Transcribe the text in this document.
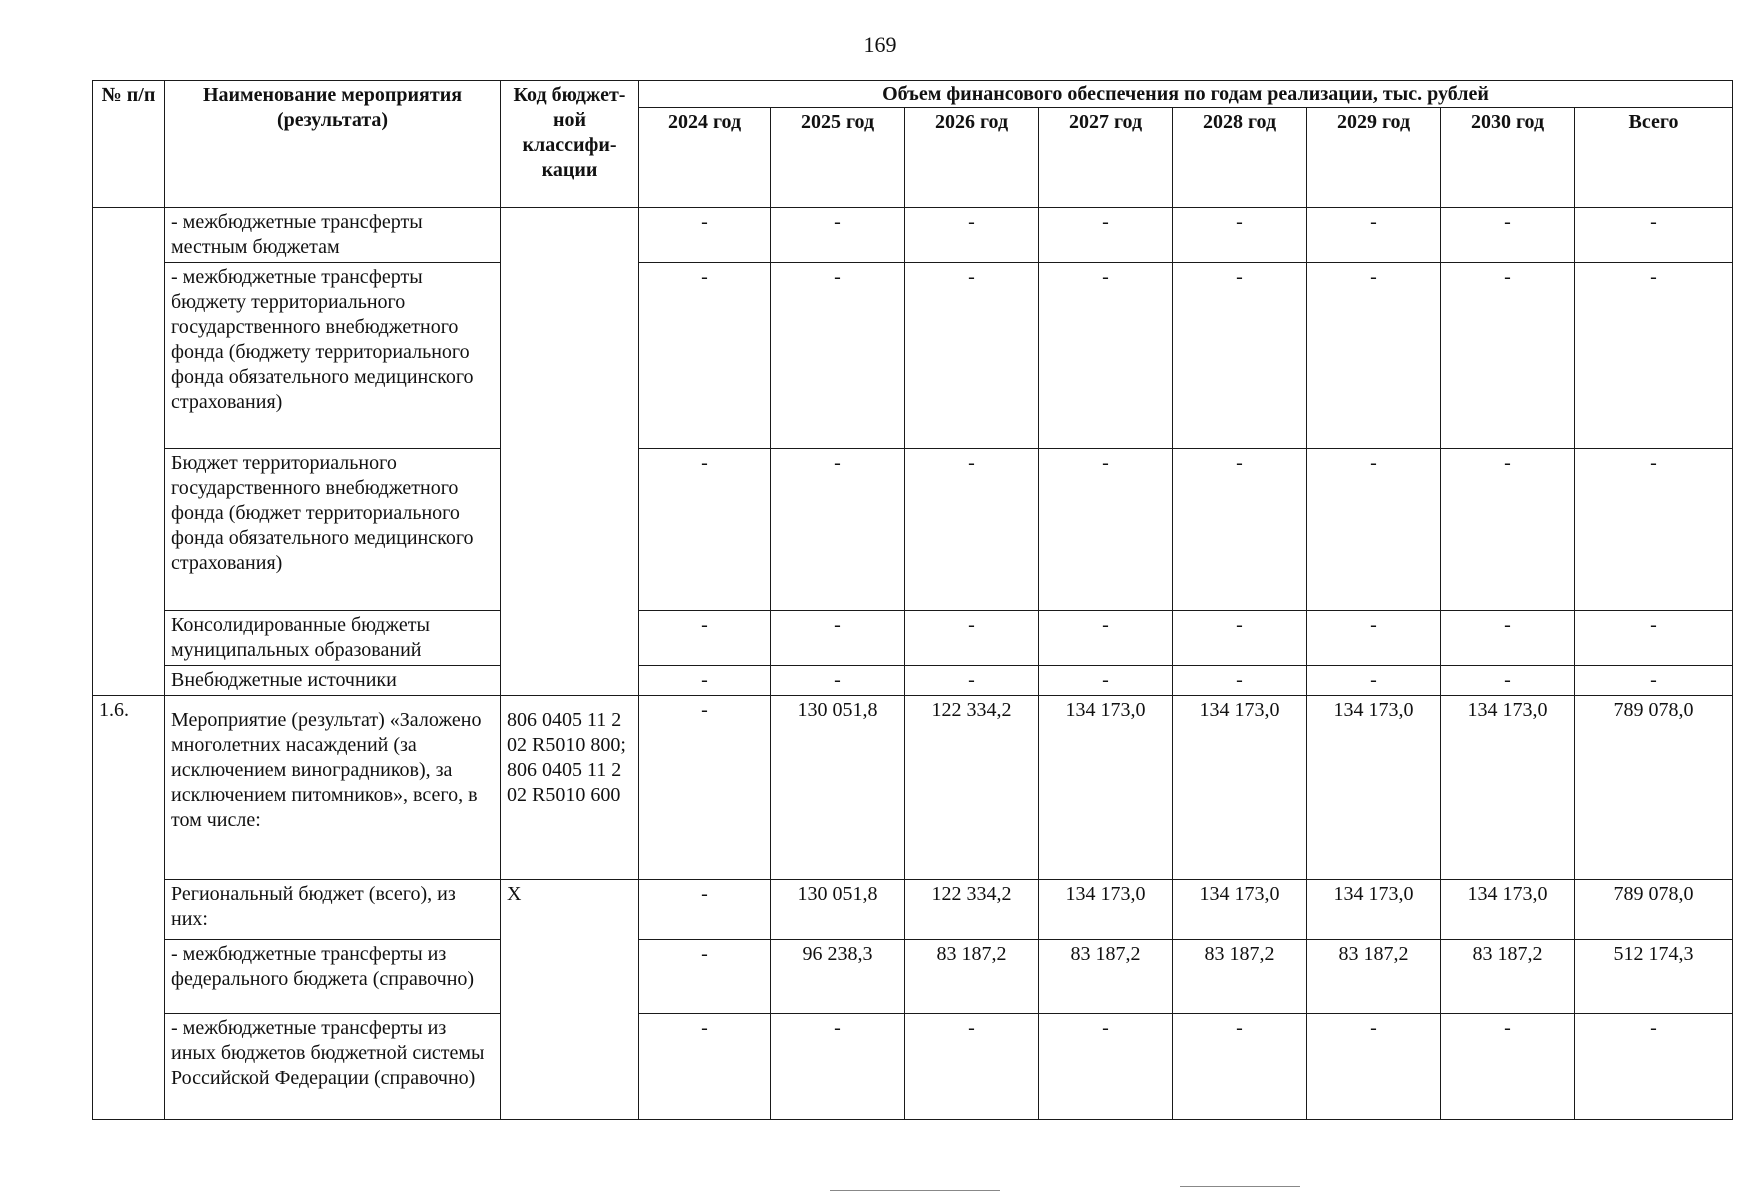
169
№ п/п	Наименование мероприятия (результата)	Код бюджет-ной классифи-кации	Объем финансового обеспечения по годам реализации, тыс. рублей							
			2024 год	2025 год	2026 год	2027 год	2028 год	2029 год	2030 год	Всего
	- межбюджетные трансферты местным бюджетам		-	-	-	-	-	-	-	-
	- межбюджетные трансферты бюджету территориального государственного внебюджетного фонда (бюджету территориального фонда обязательного медицинского страхования)		-	-	-	-	-	-	-	-
	Бюджет территориального государственного внебюджетного фонда (бюджет территориального фонда обязательного медицинского страхования)		-	-	-	-	-	-	-	-
	Консолидированные бюджеты муниципальных образований		-	-	-	-	-	-	-	-
	Внебюджетные источники		-	-	-	-	-	-	-	-
1.6.	Мероприятие (результат) «Заложено многолетних насаждений (за исключением виноградников), за исключением питомников», всего, в том числе:	806 0405 11 2 02 R5010 800; 806 0405 11 2 02 R5010 600	-	130 051,8	122 334,2	134 173,0	134 173,0	134 173,0	134 173,0	789 078,0
	Региональный бюджет (всего), из них:	X	-	130 051,8	122 334,2	134 173,0	134 173,0	134 173,0	134 173,0	789 078,0
	- межбюджетные трансферты из федерального бюджета (справочно)		-	96 238,3	83 187,2	83 187,2	83 187,2	83 187,2	83 187,2	512 174,3
	- межбюджетные трансферты из иных бюджетов бюджетной системы Российской Федерации (справочно)		-	-	-	-	-	-	-	-
